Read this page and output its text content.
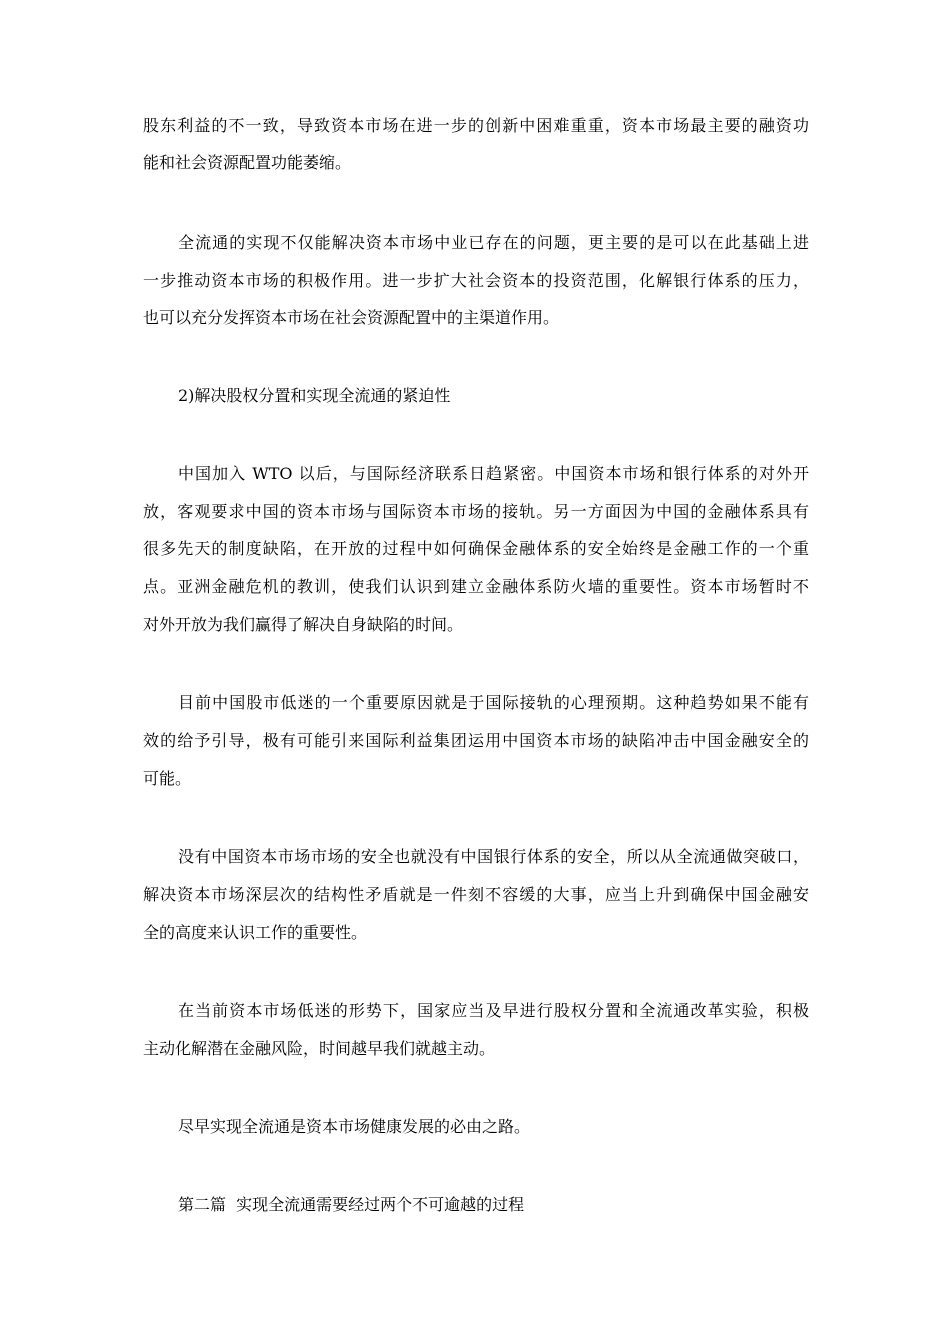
股东利益的不一致，导致资本市场在进一步的创新中困难重重，资本市场最主要的融资功
能和社会资源配置功能萎缩。
全流通的实现不仅能解决资本市场中业已存在的问题，更主要的是可以在此基础上进
一步推动资本市场的积极作用。进一步扩大社会资本的投资范围，化解银行体系的压力，
也可以充分发挥资本市场在社会资源配置中的主渠道作用。
2)解决股权分置和实现全流通的紧迫性
中国加入 WTO 以后，与国际经济联系日趋紧密。中国资本市场和银行体系的对外开
放，客观要求中国的资本市场与国际资本市场的接轨。另一方面因为中国的金融体系具有
很多先天的制度缺陷，在开放的过程中如何确保金融体系的安全始终是金融工作的一个重
点。亚洲金融危机的教训，使我们认识到建立金融体系防火墙的重要性。资本市场暂时不
对外开放为我们赢得了解决自身缺陷的时间。
目前中国股市低迷的一个重要原因就是于国际接轨的心理预期。这种趋势如果不能有
效的给予引导，极有可能引来国际利益集团运用中国资本市场的缺陷冲击中国金融安全的
可能。
没有中国资本市场市场的安全也就没有中国银行体系的安全，所以从全流通做突破口，
解决资本市场深层次的结构性矛盾就是一件刻不容缓的大事，应当上升到确保中国金融安
全的高度来认识工作的重要性。
在当前资本市场低迷的形势下，国家应当及早进行股权分置和全流通改革实验，积极
主动化解潜在金融风险，时间越早我们就越主动。
尽早实现全流通是资本市场健康发展的必由之路。
第二篇  实现全流通需要经过两个不可逾越的过程
